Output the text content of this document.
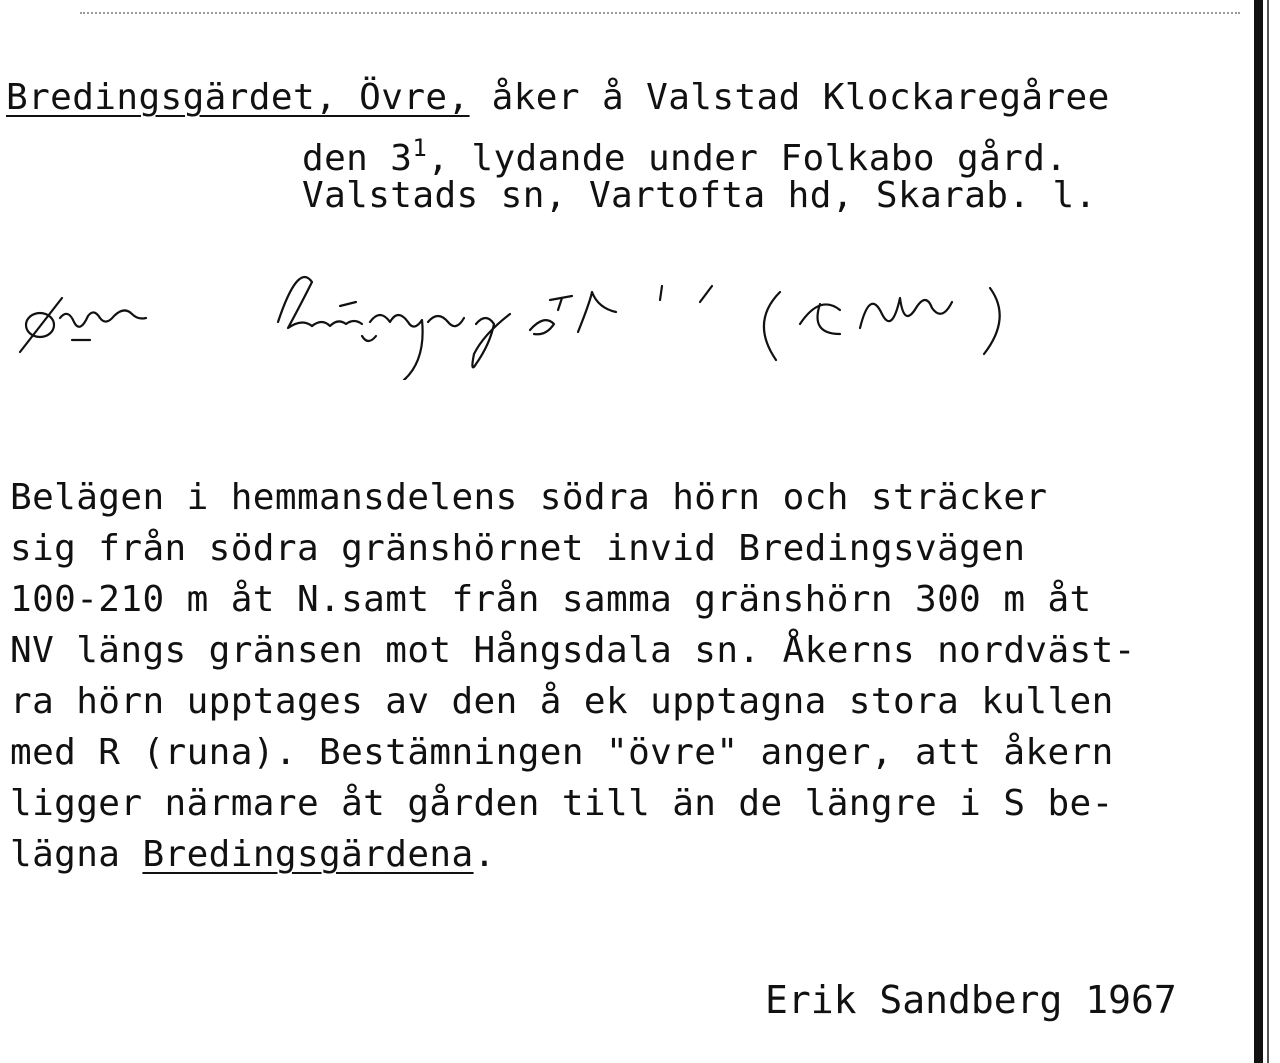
Bredingsgärdet, Övre, åker å Valstad Klockaregåree
den $3^1$, lydande under Folkabo gård.
Valstads sn, Vartofta hd, Skarab. l.
Belägen i hemmansdelens södra hörn och sträcker
sig från södra gränshörnet invid Bredingsvägen
100-210 m åt N.samt från samma gränshörn 300 m åt
NV längs gränsen mot Hångsdala sn. Åkerns nordväst-
ra hörn upptages av den å ek upptagna stora kullen
med R (runa). Bestämningen "övre" anger, att åkern
ligger närmare åt gården till än de längre i S be-
lägna Bredingsgärdena.
Erik Sandberg 1967
